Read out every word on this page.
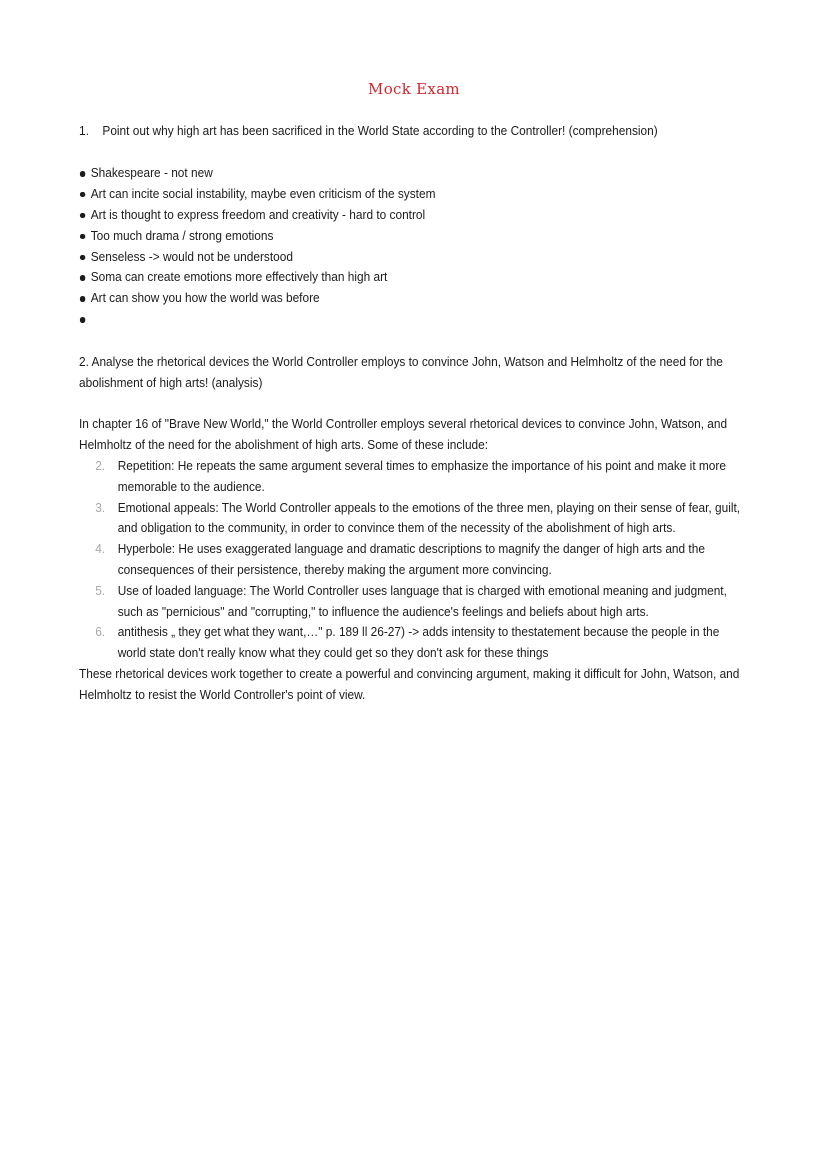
Mock Exam
1. Point out why high art has been sacrificed in the World State according to the Controller! (comprehension)
Shakespeare - not new
Art can incite social instability, maybe even criticism of the system
Art is thought to express freedom and creativity - hard to control
Too much drama / strong emotions
Senseless -> would not be understood
Soma can create emotions more effectively than high art
Art can show you how the world was before
2. Analyse the rhetorical devices the World Controller employs to convince John, Watson and Helmholtz of the need for the abolishment of high arts! (analysis)
In chapter 16 of "Brave New World," the World Controller employs several rhetorical devices to convince John, Watson, and Helmholtz of the need for the abolishment of high arts. Some of these include:
2. Repetition: He repeats the same argument several times to emphasize the importance of his point and make it more memorable to the audience.
3. Emotional appeals: The World Controller appeals to the emotions of the three men, playing on their sense of fear, guilt, and obligation to the community, in order to convince them of the necessity of the abolishment of high arts.
4. Hyperbole: He uses exaggerated language and dramatic descriptions to magnify the danger of high arts and the consequences of their persistence, thereby making the argument more convincing.
5. Use of loaded language: The World Controller uses language that is charged with emotional meaning and judgment, such as "pernicious" and "corrupting," to influence the audience's feelings and beliefs about high arts.
6. antithesis „ they get what they want,…" p. 189 ll 26-27) -> adds intensity to thestatement because the people in the world state don't really know what they could get so they don't ask for these things
These rhetorical devices work together to create a powerful and convincing argument, making it difficult for John, Watson, and Helmholtz to resist the World Controller's point of view.
